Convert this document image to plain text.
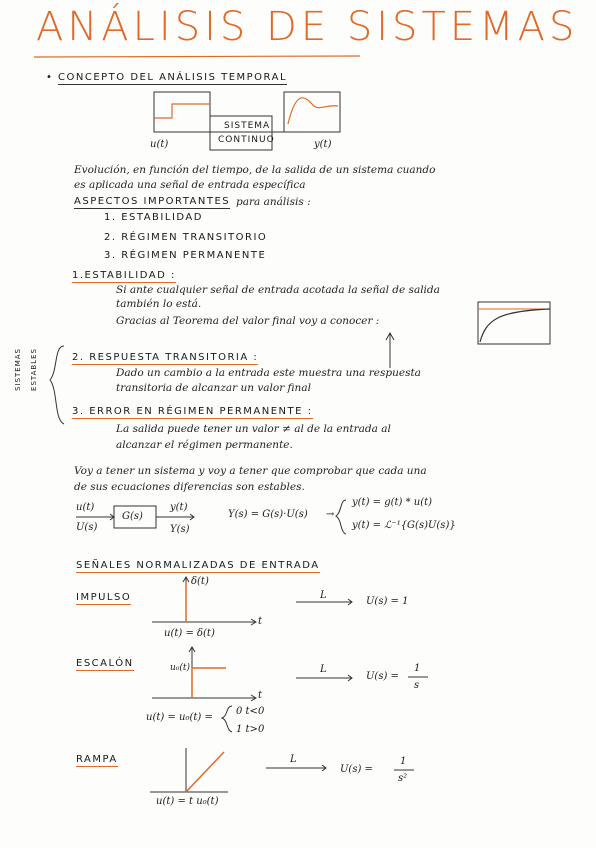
ANÁLISIS DE SISTEMAS
• CONCEPTO DEL ANÁLISIS TEMPORAL
SISTEMA
CONTINUO
u(t)	y(t)
Evolución, en función del tiempo, de la salida de un sistema cuando
es aplicada una señal de entrada específica
ASPECTOS IMPORTANTES para análisis :
1. ESTABILIDAD
2. RÉGIMEN TRANSITORIO
3. RÉGIMEN PERMANENTE
1.ESTABILIDAD :
Si ante cualquier señal de entrada acotada la señal de salida
también lo está.
Gracias al Teorema del valor final voy a conocer :
SISTEMAS ESTABLES	2. RESPUESTA TRANSITORIA :
Dado un cambio a la entrada este muestra una respuesta
transitoria de alcanzar un valor final
3. ERROR EN RÉGIMEN PERMANENTE :
La salida puede tener un valor ≠ al de la entrada al
alcanzar el régimen permanente.
Voy a tener un sistema y voy a tener que comprobar que cada una
de sus ecuaciones diferencias son estables.
u(t)
U(s)
G(s)
y(t)
Y(s)
Y(s) = G(s)·U(s) →
y(t) = g(t) * u(t)
y(t) = ℒ⁻¹{G(s)U(s)}
SEÑALES NORMALIZADAS DE ENTRADA
IMPULSO
δ(t)
t
u(t) = δ(t)
L
U(s) = 1
ESCALÓN	u₀(t)
t
u(t) = u₀(t) =
0 t<0
1 t>0
L
U(s) =
1
s
RAMPA
u(t) = t u₀(t)
L
U(s) =
1
s²
